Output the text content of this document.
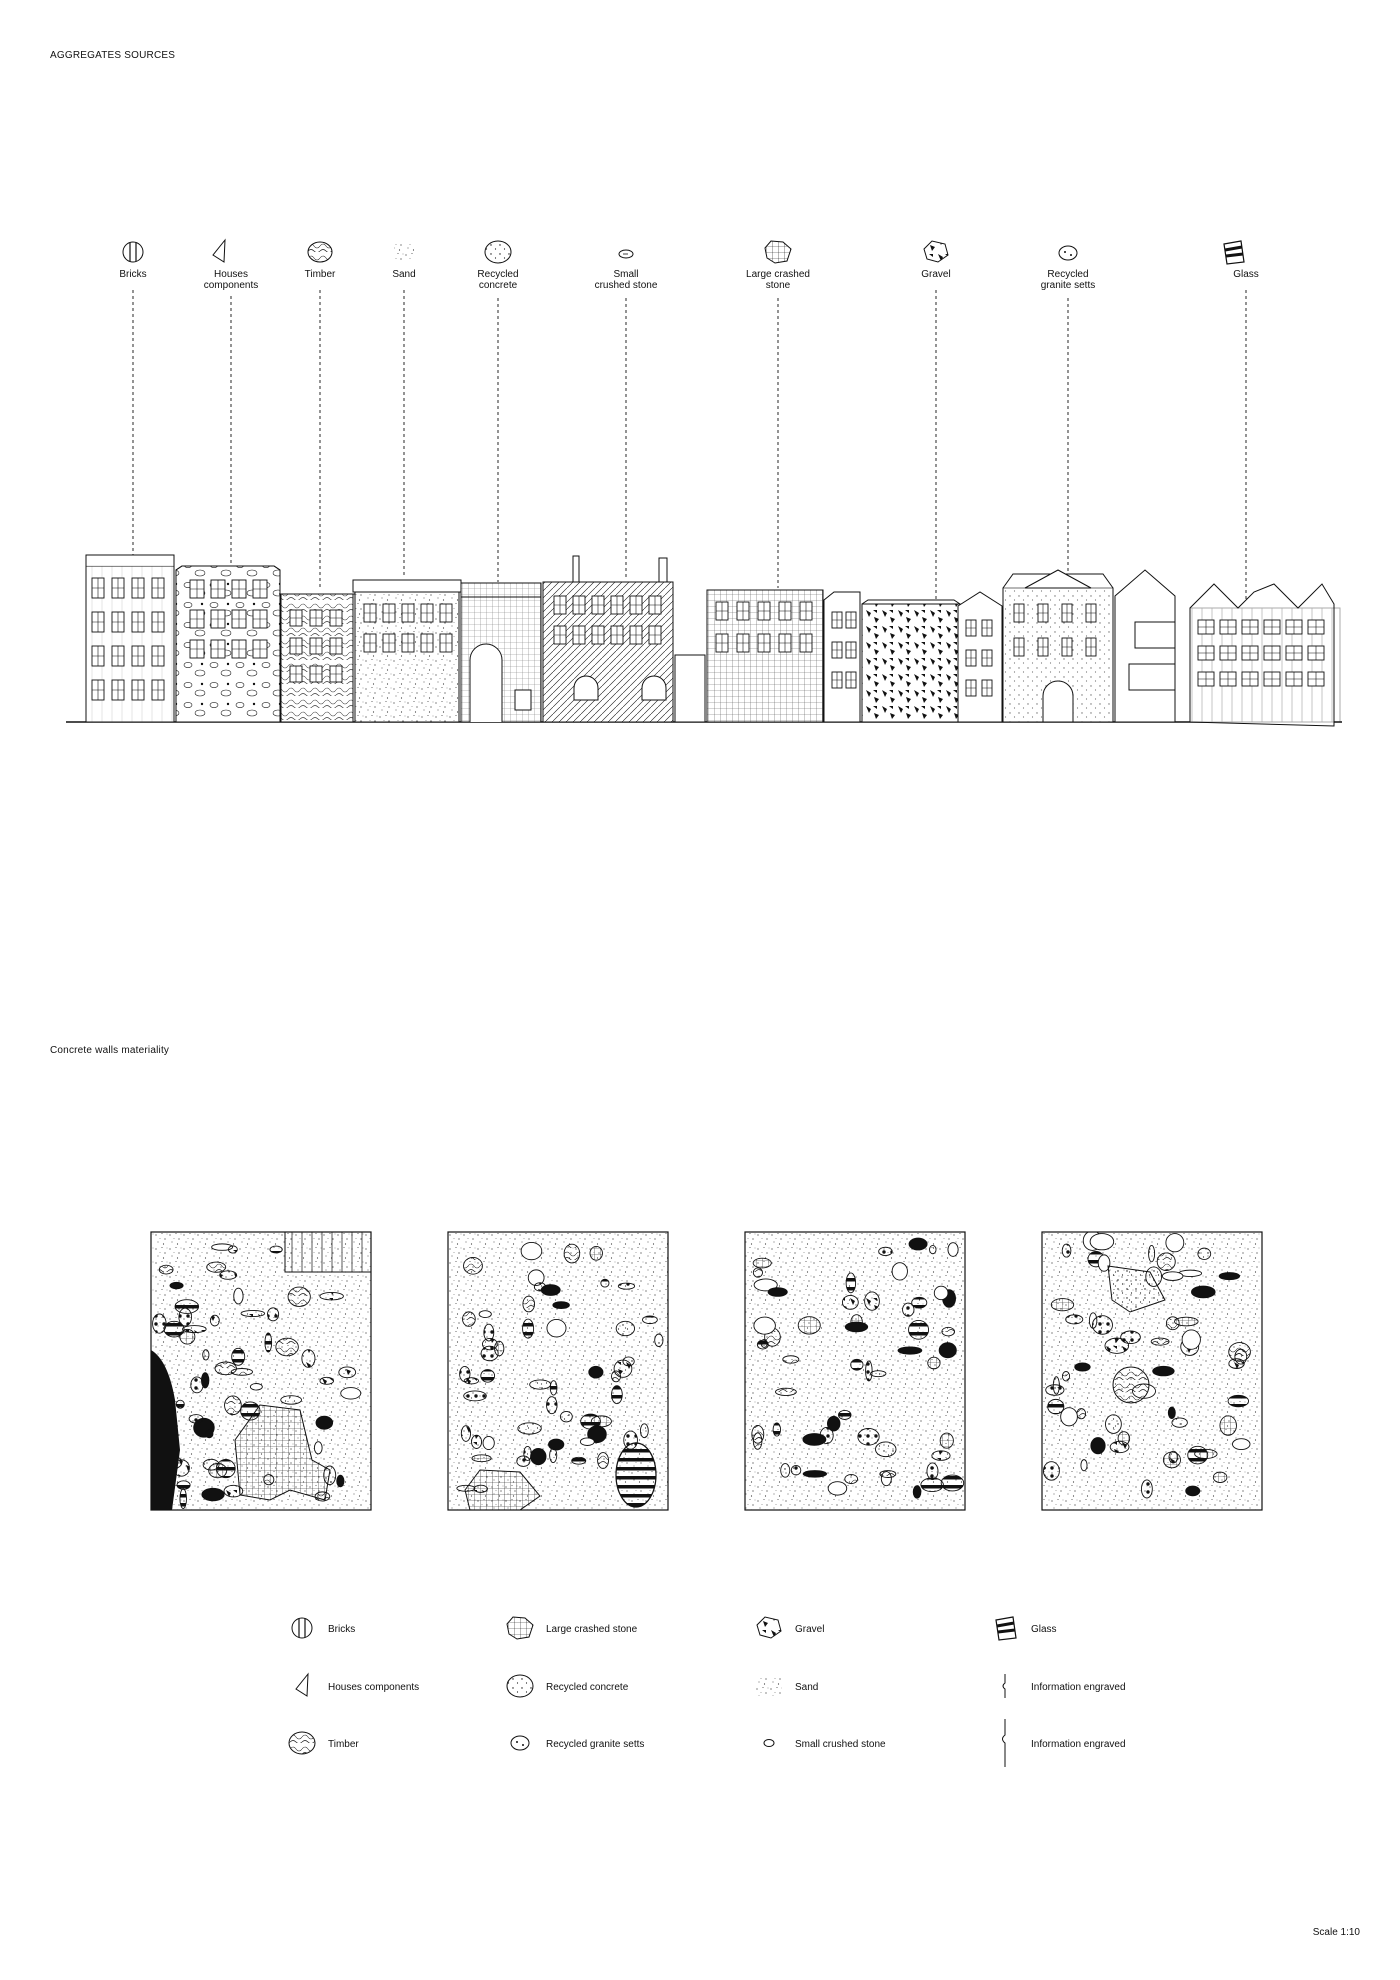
AGGREGATES SOURCES
Concrete walls materiality
Scale 1:10
Bricks	Houses components
Timber	Sand	Recycled concrete
Small crushed stone
Large crashed stone
Gravel	Recycled granite setts
Glass
Bricks	Large crashed stone	Gravel	Glass
Houses components	Recycled concrete	Sand	Information engraved
Timber	Recycled granite setts	Small crushed stone	Information engraved
